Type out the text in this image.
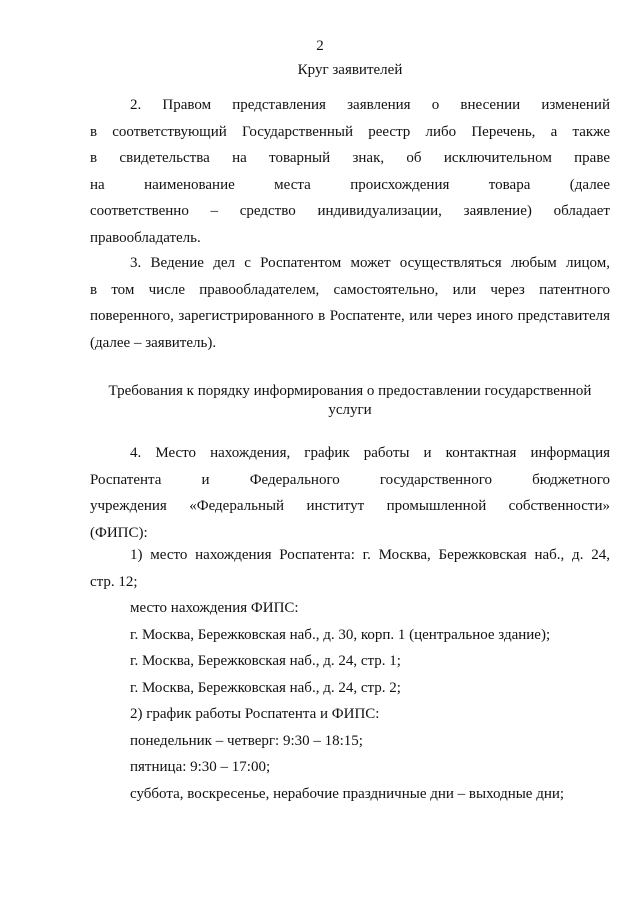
2
Круг заявителей
2. Правом представления заявления о внесении изменений
в соответствующий Государственный реестр либо Перечень, а также
в свидетельства на товарный знак, об исключительном праве
на наименование места происхождения товара (далее
соответственно – средство индивидуализации, заявление) обладает
правообладатель.
3. Ведение дел с Роспатентом может осуществляться любым лицом,
в том числе правообладателем, самостоятельно, или через патентного
поверенного, зарегистрированного в Роспатенте, или через иного представителя
(далее – заявитель).
Требования к порядку информирования о предоставлении государственной
услуги
4. Место нахождения, график работы и контактная информация
Роспатента и Федерального государственного бюджетного
учреждения «Федеральный институт промышленной собственности»
(ФИПС):
1) место нахождения Роспатента: г. Москва, Бережковская наб., д. 24,
стр. 12;
место нахождения ФИПС:
г. Москва, Бережковская наб., д. 30, корп. 1 (центральное здание);
г. Москва, Бережковская наб., д. 24, стр. 1;
г. Москва, Бережковская наб., д. 24, стр. 2;
2) график работы Роспатента и ФИПС:
понедельник – четверг: 9:30 – 18:15;
пятница: 9:30 – 17:00;
суббота, воскресенье, нерабочие праздничные дни – выходные дни;
